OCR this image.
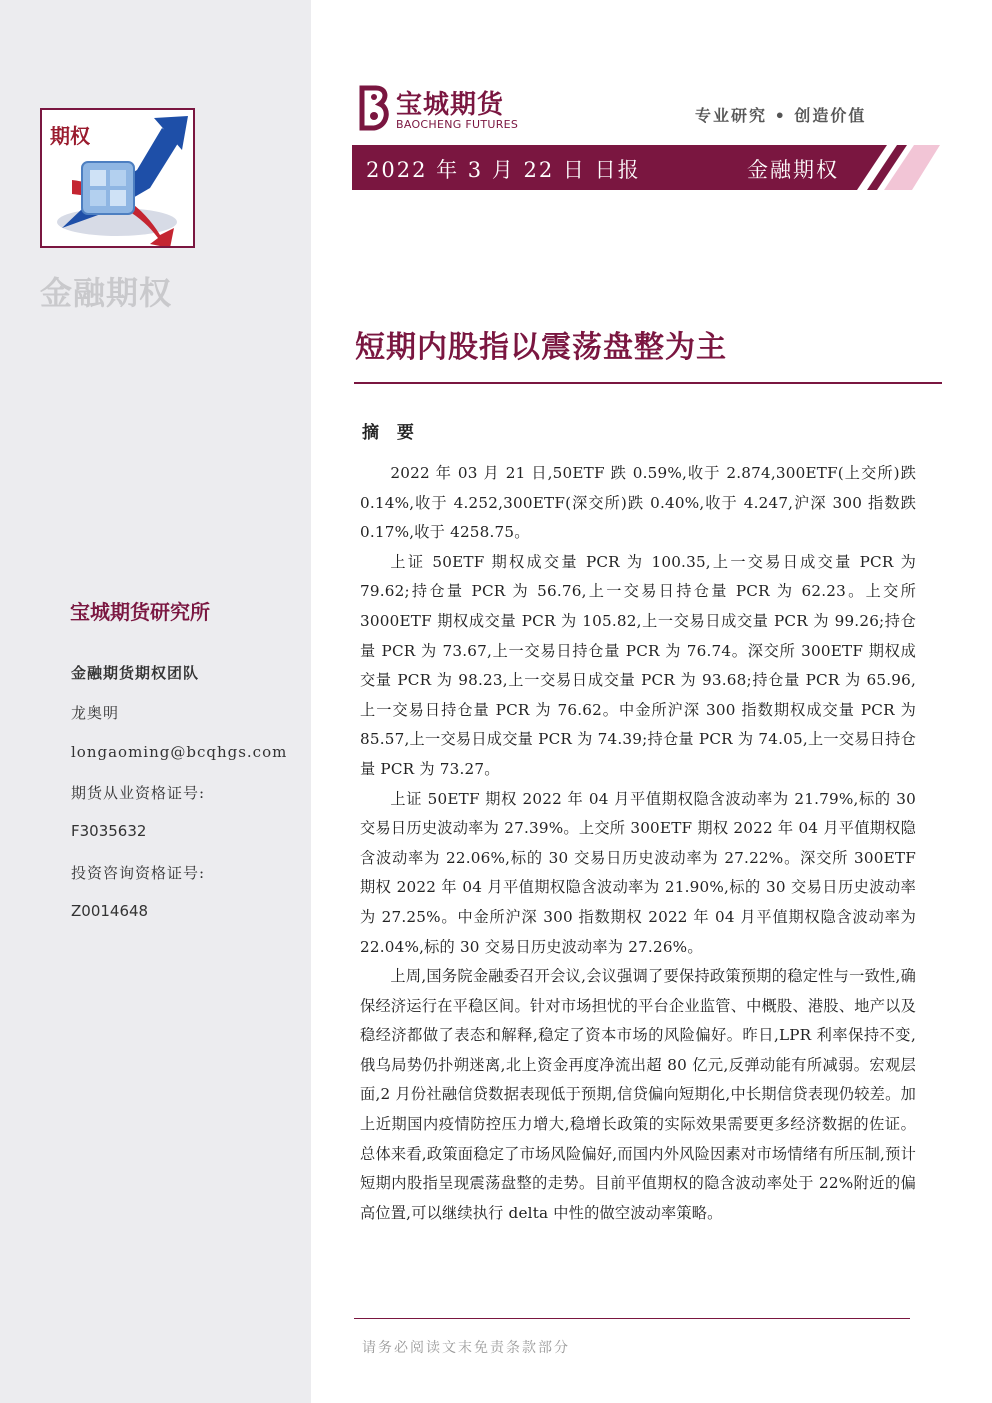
期权
金融期权
宝城期货研究所
金融期货期权团队
龙奥明
longaoming@bcqhgs.com
期货从业资格证号:
F3035632
投资咨询资格证号:
Z0014648
宝城期货
BAOCHENG FUTURES	专业研究 • 创造价值
2022 年 3 月 22 日 日报	金融期权
短期内股指以震荡盘整为主
摘 要

2022 年 03 月 21 日,50ETF 跌 0.59%,收于 2.874,300ETF(上交所)跌 0.14%,收于 4.252,300ETF(深交所)跌 0.40%,收于 4.247,沪深 300 指数跌 0.17%,收于 4258.75。

上证 50ETF 期权成交量 PCR 为 100.35,上一交易日成交量 PCR 为 79.62;持仓量 PCR 为 56.76,上一交易日持仓量 PCR 为 62.23。上交所 3000ETF 期权成交量 PCR 为 105.82,上一交易日成交量 PCR 为 99.26;持仓量 PCR 为 73.67,上一交易日持仓量 PCR 为 76.74。深交所 300ETF 期权成交量 PCR 为 98.23,上一交易日成交量 PCR 为 93.68;持仓量 PCR 为 65.96,上一交易日持仓量 PCR 为 76.62。中金所沪深 300 指数期权成交量 PCR 为 85.57,上一交易日成交量 PCR 为 74.39;持仓量 PCR 为 74.05,上一交易日持仓量 PCR 为 73.27。

上证 50ETF 期权 2022 年 04 月平值期权隐含波动率为 21.79%,标的 30 交易日历史波动率为 27.39%。上交所 300ETF 期权 2022 年 04 月平值期权隐含波动率为 22.06%,标的 30 交易日历史波动率为 27.22%。深交所 300ETF 期权 2022 年 04 月平值期权隐含波动率为 21.90%,标的 30 交易日历史波动率为 27.25%。中金所沪深 300 指数期权 2022 年 04 月平值期权隐含波动率为 22.04%,标的 30 交易日历史波动率为 27.26%。

上周,国务院金融委召开会议,会议强调了要保持政策预期的稳定性与一致性,确保经济运行在平稳区间。针对市场担忧的平台企业监管、中概股、港股、地产以及稳经济都做了表态和解释,稳定了资本市场的风险偏好。昨日,LPR 利率保持不变,俄乌局势仍扑朔迷离,北上资金再度净流出超 80 亿元,反弹动能有所减弱。宏观层面,2 月份社融信贷数据表现低于预期,信贷偏向短期化,中长期信贷表现仍较差。加上近期国内疫情防控压力增大,稳增长政策的实际效果需要更多经济数据的佐证。总体来看,政策面稳定了市场风险偏好,而国内外风险因素对市场情绪有所压制,预计短期内股指呈现震荡盘整的走势。目前平值期权的隐含波动率处于 22%附近的偏高位置,可以继续执行 delta 中性的做空波动率策略。

请务必阅读文末免责条款部分
